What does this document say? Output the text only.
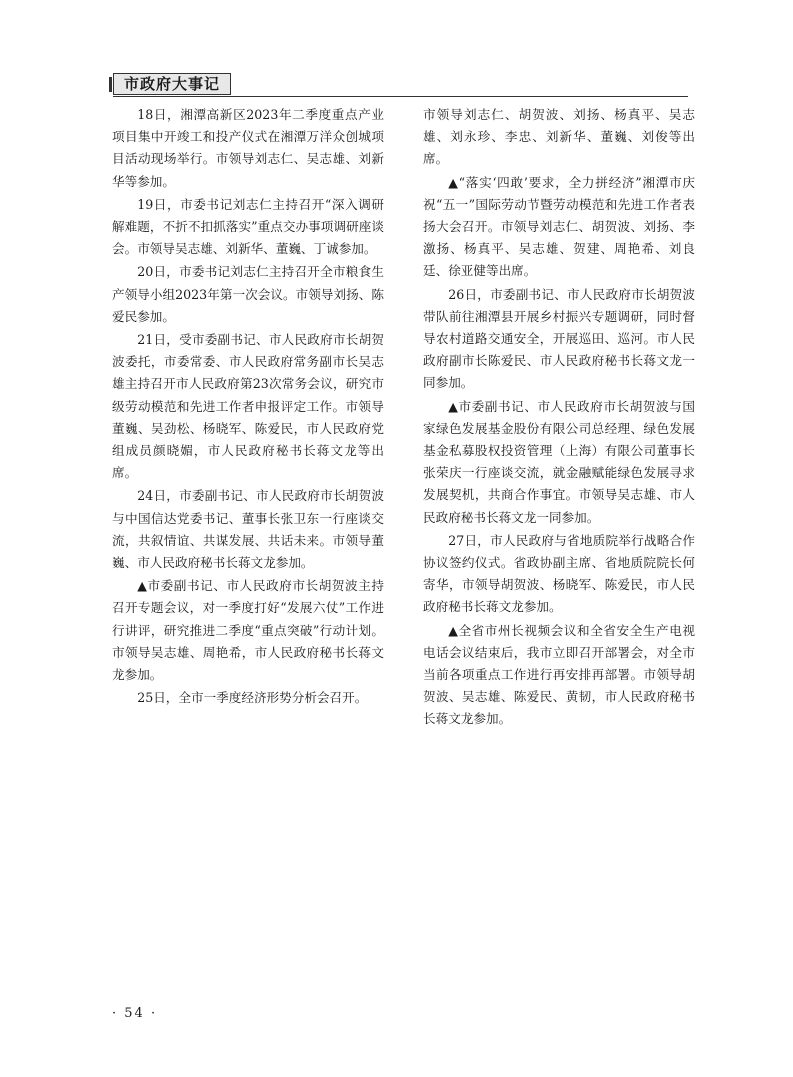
市政府大事记

18日，湘潭高新区2023年二季度重点产业项目集中开竣工和投产仪式在湘潭万洋众创城项目活动现场举行。市领导刘志仁、吴志雄、刘新华等参加。

19日，市委书记刘志仁主持召开“深入调研解难题，不折不扣抓落实”重点交办事项调研座谈会。市领导吴志雄、刘新华、董巍、丁诚参加。

20日，市委书记刘志仁主持召开全市粮食生产领导小组2023年第一次会议。市领导刘扬、陈爱民参加。

21日，受市委副书记、市人民政府市长胡贺波委托，市委常委、市人民政府常务副市长吴志雄主持召开市人民政府第23次常务会议，研究市级劳动模范和先进工作者申报评定工作。市领导董巍、吴劲松、杨晓军、陈爱民，市人民政府党组成员颜晓媚，市人民政府秘书长蒋文龙等出席。

24日，市委副书记、市人民政府市长胡贺波与中国信达党委书记、董事长张卫东一行座谈交流，共叙情谊、共谋发展、共话未来。市领导董巍、市人民政府秘书长蒋文龙参加。

▲市委副书记、市人民政府市长胡贺波主持召开专题会议，对一季度打好“发展六仗”工作进行讲评，研究推进二季度“重点突破”行动计划。市领导吴志雄、周艳希，市人民政府秘书长蒋文龙参加。

25日，全市一季度经济形势分析会召开。

市领导刘志仁、胡贺波、刘扬、杨真平、吴志雄、刘永珍、李忠、刘新华、董巍、刘俊等出席。

▲“落实‘四敢’要求，全力拼经济”湘潭市庆祝“五一”国际劳动节暨劳动模范和先进工作者表扬大会召开。市领导刘志仁、胡贺波、刘扬、李激扬、杨真平、吴志雄、贺建、周艳希、刘良廷、徐亚健等出席。

26日，市委副书记、市人民政府市长胡贺波带队前往湘潭县开展乡村振兴专题调研，同时督导农村道路交通安全，开展巡田、巡河。市人民政府副市长陈爱民、市人民政府秘书长蒋文龙一同参加。

▲市委副书记、市人民政府市长胡贺波与国家绿色发展基金股份有限公司总经理、绿色发展基金私募股权投资管理（上海）有限公司董事长张荣庆一行座谈交流，就金融赋能绿色发展寻求发展契机，共商合作事宜。市领导吴志雄、市人民政府秘书长蒋文龙一同参加。

27日，市人民政府与省地质院举行战略合作协议签约仪式。省政协副主席、省地质院院长何寄华，市领导胡贺波、杨晓军、陈爱民，市人民政府秘书长蒋文龙参加。

▲全省市州长视频会议和全省安全生产电视电话会议结束后，我市立即召开部署会，对全市当前各项重点工作进行再安排再部署。市领导胡贺波、吴志雄、陈爱民、黄韧，市人民政府秘书长蒋文龙参加。

· 54 ·
